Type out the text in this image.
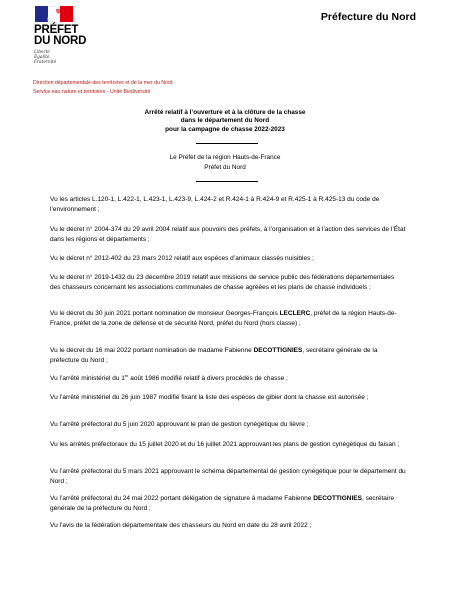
PRÉFET
DU NORD
Liberté
Égalité
Fraternité
Préfecture du Nord
Direction départementale des territoires et de la mer du Nord
Service eau nature et territoires - Unité Biodiversité
Arrêté relatif à l’ouverture et à la clôture de la chasse
dans le département du Nord
pour la campagne de chasse 2022-2023
Le Préfet de la région Hauts-de-France
Préfet du Nord

Vu les articles L.120-1, L.422-1, L.423-1, L.423-9, L.424-2 et R.424-1 à R.424-9 et R.425-1 à R.425-13 du code de l’environnement ;

Vu le décret n° 2004-374 du 29 avril 2004 relatif aux pouvoirs des préfets, à l’organisation et à l’action des services de l’État dans les régions et départements ;

Vu le décret n° 2012-402 du 23 mars 2012 relatif aux espèces d’animaux classés nuisibles ;

Vu le décret n° 2019-1432 du 23 décembre 2019 relatif aux missions de service public des fédérations départementales des chasseurs concernant les associations communales de chasse agréées et les plans de chasse individuels ;

Vu le décret du 30 juin 2021 portant nomination de monsieur Georges-François LECLERC, préfet de la région Hauts-de-France, préfet de la zone de défense et de sécurité Nord, préfet du Nord (hors classe) ;

Vu le décret du 16 mai 2022 portant nomination de madame Fabienne DECOTTIGNIES, secrétaire générale de la préfecture du Nord ;

Vu l’arrêté ministériel du 1er août 1986 modifié relatif à divers procédés de chasse ;

Vu l’arrêté ministériel du 26 juin 1987 modifié fixant la liste des espèces de gibier dont la chasse est autorisée ;

Vu l’arrêté préfectoral du 5 juin 2020 approuvant le plan de gestion cynégétique du lièvre ;

Vu les arrêtés préfectoraux du 15 juillet 2020 et du 16 juillet 2021 approuvant les plans de gestion cynégétique du faisan ;

Vu l’arrêté préfectoral du 5 mars 2021 approuvant le schéma départemental de gestion cynégétique pour le département du Nord ;

Vu l’arrêté préfectoral du 24 mai 2022 portant délégation de signature à madame Fabienne DECOTTIGNIES, secrétaire générale de la préfecture du Nord ;

Vu l’avis de la fédération départementale des chasseurs du Nord en date du 28 avril 2022 ;
